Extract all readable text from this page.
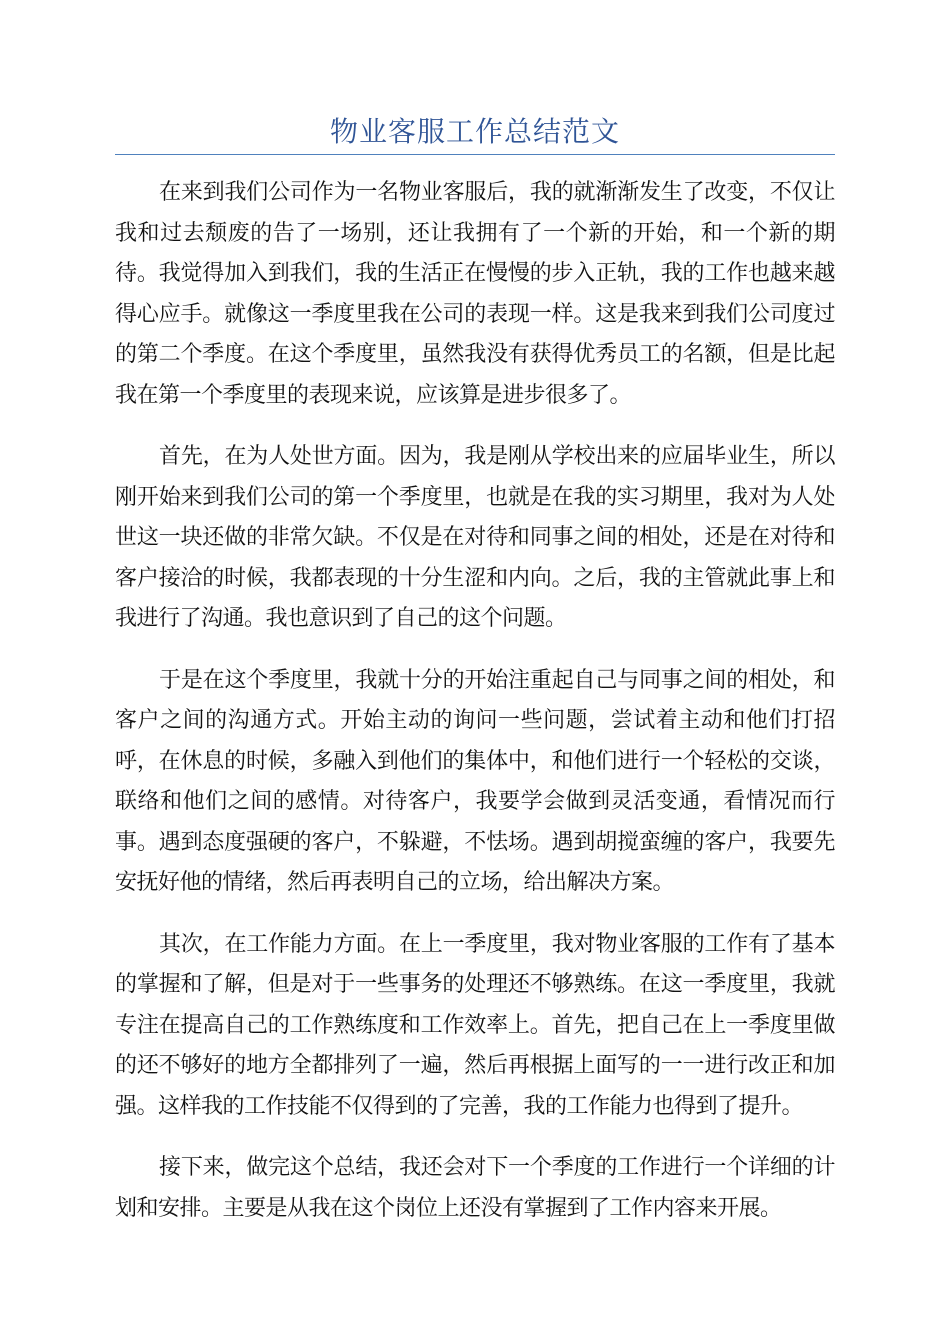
物业客服工作总结范文

在来到我们公司作为一名物业客服后，我的就渐渐发生了改变，不仅让我和过去颓废的告了一场别，还让我拥有了一个新的开始，和一个新的期待。我觉得加入到我们，我的生活正在慢慢的步入正轨，我的工作也越来越得心应手。就像这一季度里我在公司的表现一样。这是我来到我们公司度过的第二个季度。在这个季度里，虽然我没有获得优秀员工的名额，但是比起我在第一个季度里的表现来说，应该算是进步很多了。

首先，在为人处世方面。因为，我是刚从学校出来的应届毕业生，所以刚开始来到我们公司的第一个季度里，也就是在我的实习期里，我对为人处世这一块还做的非常欠缺。不仅是在对待和同事之间的相处，还是在对待和客户接洽的时候，我都表现的十分生涩和内向。之后，我的主管就此事上和我进行了沟通。我也意识到了自己的这个问题。

于是在这个季度里，我就十分的开始注重起自己与同事之间的相处，和客户之间的沟通方式。开始主动的询问一些问题，尝试着主动和他们打招呼，在休息的时候，多融入到他们的集体中，和他们进行一个轻松的交谈，联络和他们之间的感情。对待客户，我要学会做到灵活变通，看情况而行事。遇到态度强硬的客户，不躲避，不怯场。遇到胡搅蛮缠的客户，我要先安抚好他的情绪，然后再表明自己的立场，给出解决方案。

其次，在工作能力方面。在上一季度里，我对物业客服的工作有了基本的掌握和了解，但是对于一些事务的处理还不够熟练。在这一季度里，我就专注在提高自己的工作熟练度和工作效率上。首先，把自己在上一季度里做的还不够好的地方全都排列了一遍，然后再根据上面写的一一进行改正和加强。这样我的工作技能不仅得到的了完善，我的工作能力也得到了提升。

接下来，做完这个总结，我还会对下一个季度的工作进行一个详细的计划和安排。主要是从我在这个岗位上还没有掌握到了工作内容来开展。
